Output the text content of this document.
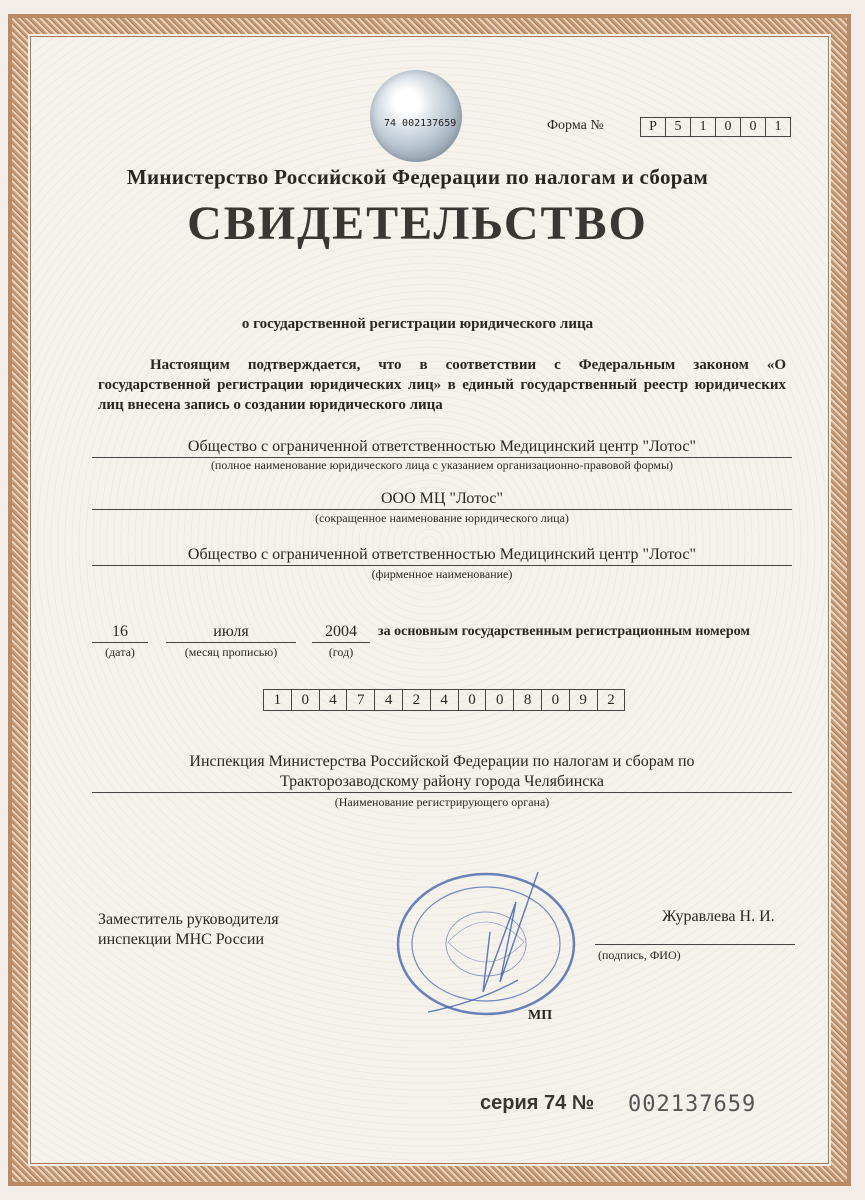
74 002137659	Форма №	Р	5	1	0	0	1
Министерство Российской Федерации по налогам и сборам
СВИДЕТЕЛЬСТВО
о государственной регистрации юридического лица
Настоящим подтверждается, что в соответствии с Федеральным законом «О государственной регистрации юридических лиц» в единый государственный реестр юридических лиц внесена запись о создании юридического лица
Общество с ограниченной ответственностью Медицинский центр "Лотос"
(полное наименование юридического лица с указанием организационно-правовой формы)
ООО МЦ "Лотос"
(сокращенное наименование юридического лица)
Общество с ограниченной ответственностью Медицинский центр "Лотос"
(фирменное наименование)
16
(дата)
июля
(месяц прописью)
2004
(год)
за основным государственным регистрационным номером
1	0	4	7	4	2	4	0	0	8	0	9	2
Инспекция Министерства Российской Федерации по налогам и сборам по
Тракторозаводскому району города Челябинска
(Наименование регистрирующего органа)
Заместитель руководителя
инспекции МНС России
Журавлева Н. И.
(подпись, ФИО)
МП
серия 74 № 002137659
